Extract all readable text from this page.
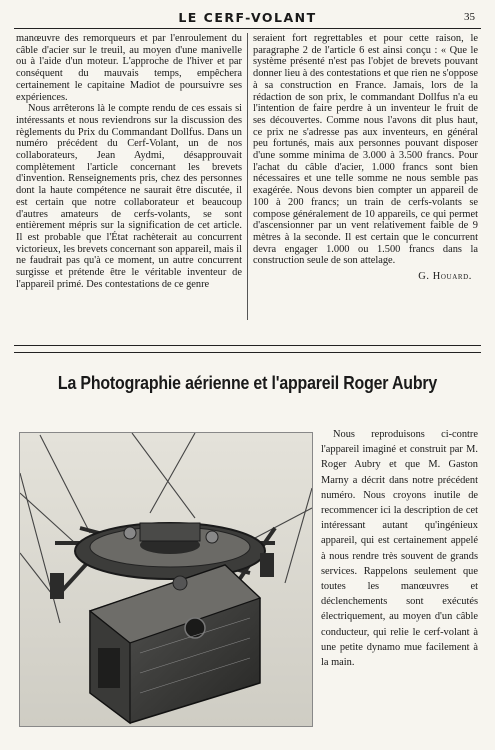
LE CERF-VOLANT	35

manœuvre des remorqueurs et par l'enroulement du câble d'acier sur le treuil, au moyen d'une manivelle ou à l'aide d'un moteur. L'approche de l'hiver et par conséquent du mauvais temps, empêchera certainement le capitaine Madiot de poursuivre ses expériences.

Nous arrêterons là le compte rendu de ces essais si intéressants et nous reviendrons sur la discussion des règlements du Prix du Commandant Dollfus. Dans un numéro précédent du Cerf-Volant, un de nos collaborateurs, Jean Aydmi, désapprouvait complètement l'article concernant les brevets d'invention. Renseignements pris, chez des personnes dont la haute compétence ne saurait être discutée, il est certain que notre collaborateur et beaucoup d'autres amateurs de cerfs-volants, se sont entièrement mépris sur la signification de cet article. Il est probable que l'État rachèterait au concurrent victorieux, les brevets concernant son appareil, mais il ne faudrait pas qu'à ce moment, un autre concurrent surgisse et prétende être le véritable inventeur de l'appareil primé. Des contestations de ce genre

seraient fort regrettables et pour cette raison, le paragraphe 2 de l'article 6 est ainsi conçu : « Que le système présenté n'est pas l'objet de brevets pouvant donner lieu à des contestations et que rien ne s'oppose à sa construction en France. Jamais, lors de la rédaction de son prix, le commandant Dollfus n'a eu l'intention de faire perdre à un inventeur le fruit de ses découvertes. Comme nous l'avons dit plus haut, ce prix ne s'adresse pas aux inventeurs, en général peu fortunés, mais aux personnes pouvant disposer d'une somme minima de 3.000 à 3.500 francs. Pour l'achat du câble d'acier, 1.000 francs sont bien nécessaires et une telle somme ne nous semble pas exagérée. Nous devons bien compter un appareil de 100 à 200 francs; un train de cerfs-volants se compose généralement de 10 appareils, ce qui permet d'ascensionner par un vent relativement faible de 9 mètres à la seconde. Il est certain que le concurrent devra engager 1.000 ou 1.500 francs dans la construction seule de son attelage.

G. Houard.
La Photographie aérienne et l'appareil Roger Aubry

Nous reproduisons ci-contre l'appareil imaginé et construit par M. Roger Aubry et que M. Gaston Marny a décrit dans notre précédent numéro. Nous croyons inutile de recommencer ici la description de cet intéressant autant qu'ingénieux appareil, qui est certainement appelé à nous rendre très souvent de grands services. Rappelons seulement que toutes les manœuvres et déclenchements sont exécutés électriquement, au moyen d'un câble conducteur, qui relie le cerf-volant à une petite dynamo mue facilement à la main.
